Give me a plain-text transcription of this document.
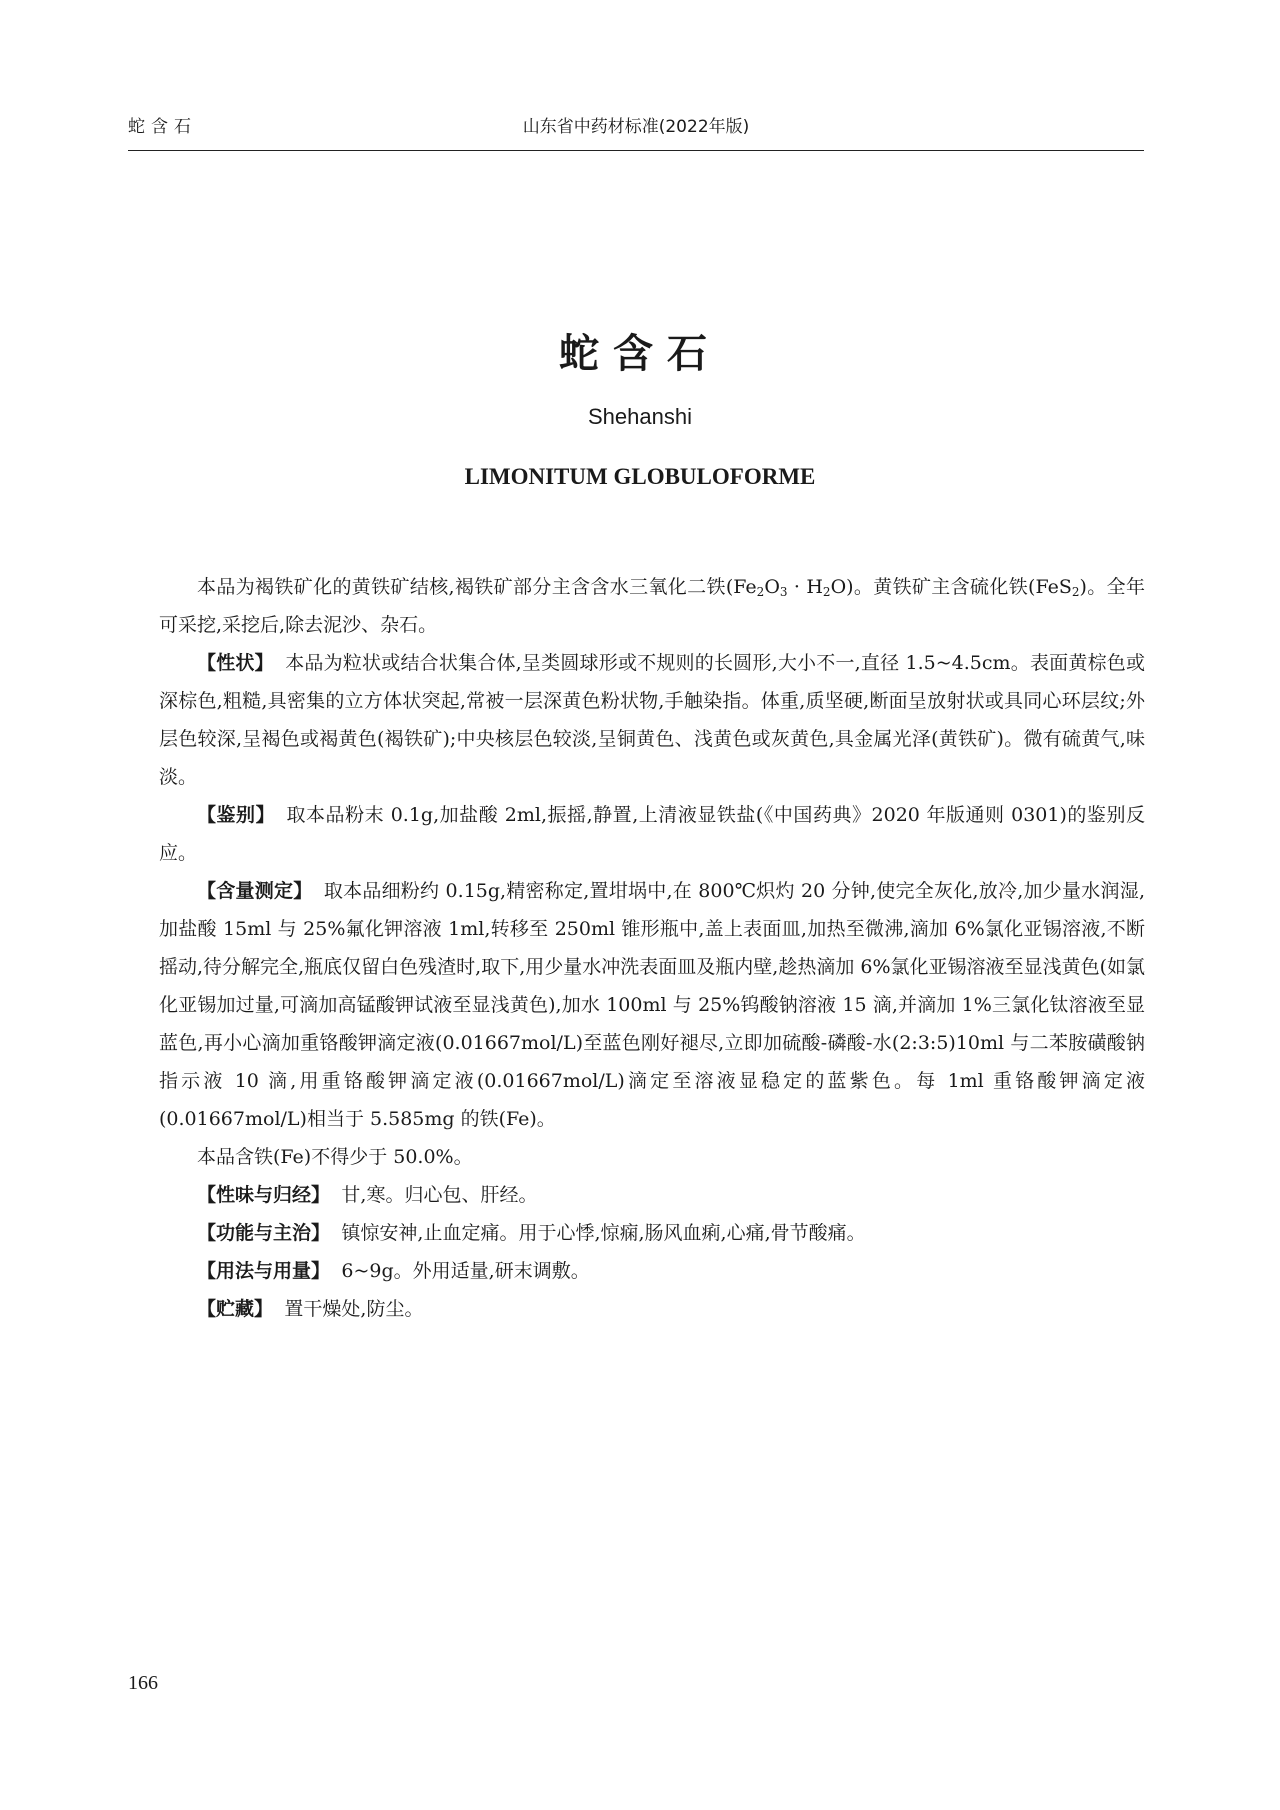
蛇含石	山东省中药材标准(2022年版)
蛇含石
Shehanshi
LIMONITUM GLOBULOFORME

本品为褐铁矿化的黄铁矿结核,褐铁矿部分主含含水三氧化二铁$(Fe_2O_3 \cdot H_2O)$。黄铁矿主含硫化铁(FeS$_2$)。全年可采挖,采挖后,除去泥沙、杂石。

【性状】 本品为粒状或结合状集合体,呈类圆球形或不规则的长圆形,大小不一,直径 1.5~4.5cm。表面黄棕色或深棕色,粗糙,具密集的立方体状突起,常被一层深黄色粉状物,手触染指。体重,质坚硬,断面呈放射状或具同心环层纹;外层色较深,呈褐色或褐黄色(褐铁矿);中央核层色较淡,呈铜黄色、浅黄色或灰黄色,具金属光泽(黄铁矿)。微有硫黄气,味淡。

【鉴别】 取本品粉末 0.1g,加盐酸 2ml,振摇,静置,上清液显铁盐(《中国药典》2020 年版通则 0301)的鉴别反应。

【含量测定】 取本品细粉约 0.15g,精密称定,置坩埚中,在 800℃炽灼 20 分钟,使完全灰化,放冷,加少量水润湿,加盐酸 15ml 与 25%氟化钾溶液 1ml,转移至 250ml 锥形瓶中,盖上表面皿,加热至微沸,滴加 6%氯化亚锡溶液,不断摇动,待分解完全,瓶底仅留白色残渣时,取下,用少量水冲洗表面皿及瓶内壁,趁热滴加 6%氯化亚锡溶液至显浅黄色(如氯化亚锡加过量,可滴加高锰酸钾试液至显浅黄色),加水 100ml 与 25%钨酸钠溶液 15 滴,并滴加 1%三氯化钛溶液至显蓝色,再小心滴加重铬酸钾滴定液(0.01667mol/L)至蓝色刚好褪尽,立即加硫酸-磷酸-水(2:3:5)10ml 与二苯胺磺酸钠指示液 10 滴,用重铬酸钾滴定液(0.01667mol/L)滴定至溶液显稳定的蓝紫色。每 1ml 重铬酸钾滴定液(0.01667mol/L)相当于 5.585mg 的铁(Fe)。

本品含铁(Fe)不得少于 50.0%。

【性味与归经】 甘,寒。归心包、肝经。

【功能与主治】 镇惊安神,止血定痛。用于心悸,惊痫,肠风血痢,心痛,骨节酸痛。

【用法与用量】 6~9g。外用适量,研末调敷。

【贮藏】 置干燥处,防尘。

166
